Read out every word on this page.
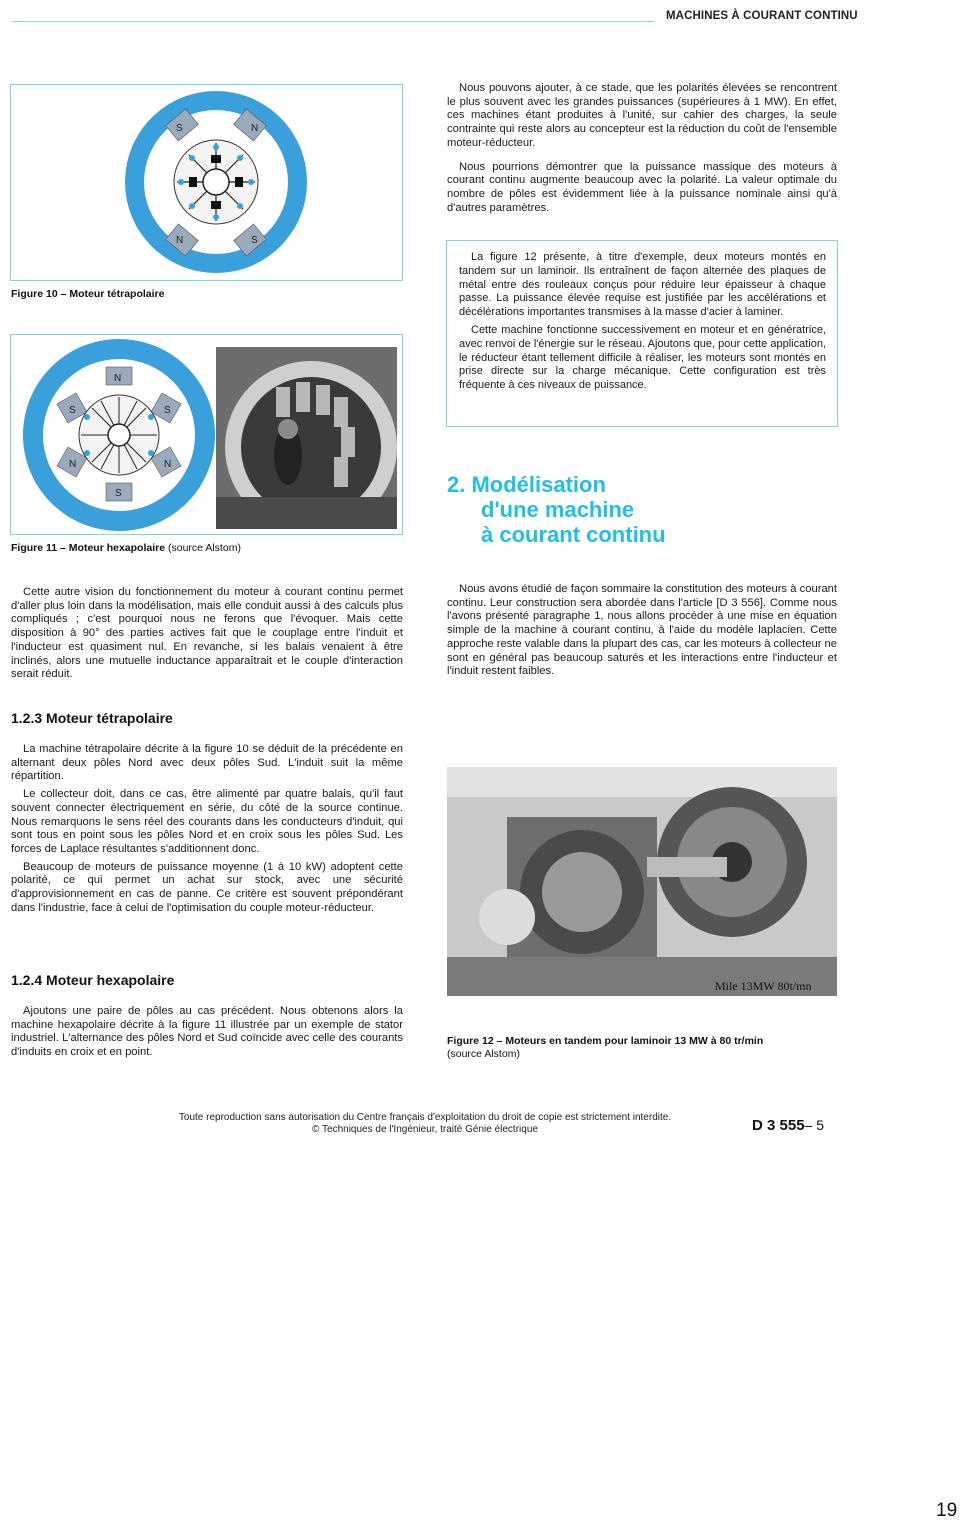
MACHINES À COURANT CONTINU
S	N
N	S
Figure 10 – Moteur tétrapolaire

Nous pouvons ajouter, à ce stade, que les polarités élevées se rencontrent le plus souvent avec les grandes puissances (supérieures à 1 MW). En effet, ces machines étant produites à l'unité, sur cahier des charges, la seule contrainte qui reste alors au concepteur est la réduction du coût de l'ensemble moteur-réducteur.

Nous pourrions démontrer que la puissance massique des moteurs à courant continu augmente beaucoup avec la polarité. La valeur optimale du nombre de pôles est évidemment liée à la puissance nominale ainsi qu'à d'autres paramètres.

La figure 12 présente, à titre d'exemple, deux moteurs montés en tandem sur un laminoir. Ils entraînent de façon alternée des plaques de métal entre des rouleaux conçus pour réduire leur épaisseur à chaque passe. La puissance élevée requise est justifiée par les accélérations et décélérations importantes transmises à la masse d'acier à laminer.

Cette machine fonctionne successivement en moteur et en génératrice, avec renvoi de l'énergie sur le réseau. Ajoutons que, pour cette application, le réducteur étant tellement difficile à réaliser, les moteurs sont montés en prise directe sur la charge mécanique. Cette configuration est très fréquente à ces niveaux de puissance.

N
S	S
N	N
S
Figure 11 – Moteur hexapolaire (source Alstom)
2. Modélisation
d'une machine
à courant continu

Cette autre vision du fonctionnement du moteur à courant continu permet d'aller plus loin dans la modélisation, mais elle conduit aussi à des calculs plus compliqués ; c'est pourquoi nous ne ferons que l'évoquer. Mais cette disposition à 90° des parties actives fait que le couplage entre l'induit et l'inducteur est quasiment nul. En revanche, si les balais venaient à être inclinés, alors une mutuelle inductance apparaîtrait et le couple d'interaction serait réduit.

1.2.3 Moteur tétrapolaire

La machine tétrapolaire décrite à la figure 10 se déduit de la précédente en alternant deux pôles Nord avec deux pôles Sud. L'induit suit la même répartition.

Le collecteur doit, dans ce cas, être alimenté par quatre balais, qu'il faut souvent connecter électriquement en série, du côté de la source continue. Nous remarquons le sens réel des courants dans les conducteurs d'induit, qui sont tous en point sous les pôles Nord et en croix sous les pôles Sud. Les forces de Laplace résultantes s'additionnent donc.

Beaucoup de moteurs de puissance moyenne (1 à 10 kW) adoptent cette polarité, ce qui permet un achat sur stock, avec une sécurité d'approvisionnement en cas de panne. Ce critère est souvent prépondérant dans l'industrie, face à celui de l'optimisation du couple moteur-réducteur.

1.2.4 Moteur hexapolaire

Ajoutons une paire de pôles au cas précédent. Nous obtenons alors la machine hexapolaire décrite à la figure 11 illustrée par un exemple de stator industriel. L'alternance des pôles Nord et Sud coïncide avec celle des courants d'induits en croix et en point.

Nous avons étudié de façon sommaire la constitution des moteurs à courant continu. Leur construction sera abordée dans l'article [D 3 556]. Comme nous l'avons présenté paragraphe 1, nous allons procéder à une mise en équation simple de la machine à courant continu, à l'aide du modèle laplacien. Cette approche reste valable dans la plupart des cas, car les moteurs à collecteur ne sont en général pas beaucoup saturés et les interactions entre l'inducteur et l'induit restent faibles.

Mile 13MW 80t/mn
Figure 12 – Moteurs en tandem pour laminoir 13 MW à 80 tr/min
(source Alstom)
Toute reproduction sans autorisation du Centre français d'exploitation du droit de copie est strictement interdite.
© Techniques de l'Ingénieur, traité Génie électrique	D 3 555– 5
19
